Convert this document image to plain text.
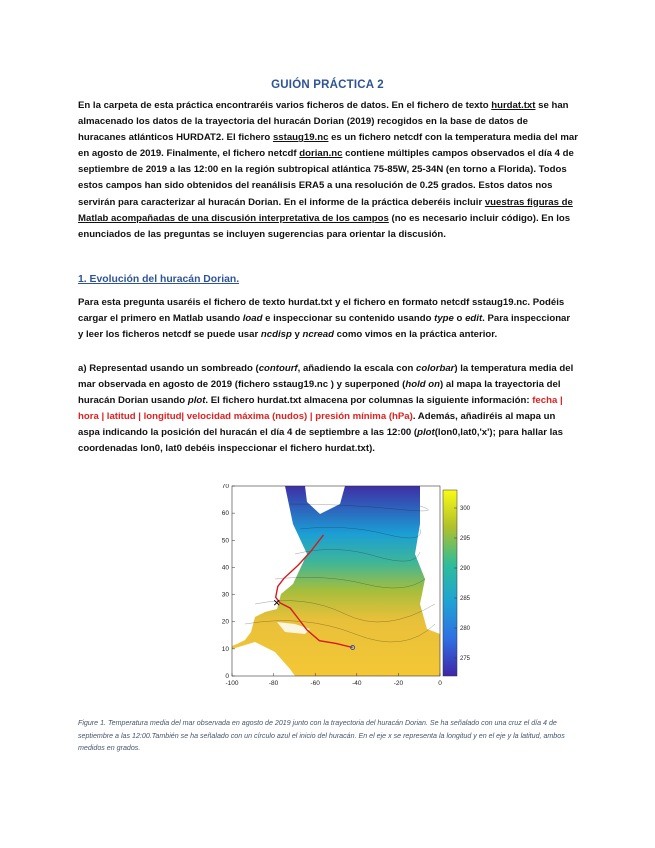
GUIÓN PRÁCTICA 2

En la carpeta de esta práctica encontraréis varios ficheros de datos. En el fichero de texto hurdat.txt se han almacenado los datos de la trayectoria del huracán Dorian (2019) recogidos en la base de datos de huracanes atlánticos HURDAT2. El fichero sstaug19.nc es un fichero netcdf con la temperatura media del mar en agosto de 2019. Finalmente, el fichero netcdf dorian.nc contiene múltiples campos observados el día 4 de septiembre de 2019 a las 12:00 en la región subtropical atlántica 75-85W, 25-34N (en torno a Florida). Todos estos campos han sido obtenidos del reanálisis ERA5 a una resolución de 0.25 grados. Estos datos nos servirán para caracterizar al huracán Dorian. En el informe de la práctica deberéis incluir vuestras figuras de Matlab acompañadas de una discusión interpretativa de los campos (no es necesario incluir código). En los enunciados de las preguntas se incluyen sugerencias para orientar la discusión.

1. Evolución del huracán Dorian.

Para esta pregunta usaréis el fichero de texto hurdat.txt y el fichero en formato netcdf sstaug19.nc. Podéis cargar el primero en Matlab usando load e inspeccionar su contenido usando type o edit. Para inspeccionar y leer los ficheros netcdf se puede usar ncdisp y ncread como vimos en la práctica anterior.

a) Representad usando un sombreado (contourf, añadiendo la escala con colorbar) la temperatura media del mar observada en agosto de 2019 (fichero sstaug19.nc ) y superponed (hold on) al mapa la trayectoria del huracán Dorian usando plot. El fichero hurdat.txt almacena por columnas la siguiente información: fecha | hora | latitud | longitud| velocidad máxima (nudos) | presión mínima (hPa). Además, añadiréis al mapa un aspa indicando la posición del huracán el día 4 de septiembre a las 12:00 (plot(lon0,lat0,'x'); para hallar las coordenadas lon0, lat0 debéis inspeccionar el fichero hurdat.txt).

-100	-80	-60	-40	-20	0
0
10
20
30
40
50
60
70
275
280
285
290
295
300
Figure 1. Temperatura media del mar observada en agosto de 2019 junto con la trayectoria del huracán Dorian. Se ha señalado con una cruz el día 4 de septiembre a las 12:00.También se ha señalado con un círculo azul el inicio del huracán. En el eje x se representa la longitud y en el eje y la latitud, ambos medidos en grados.
